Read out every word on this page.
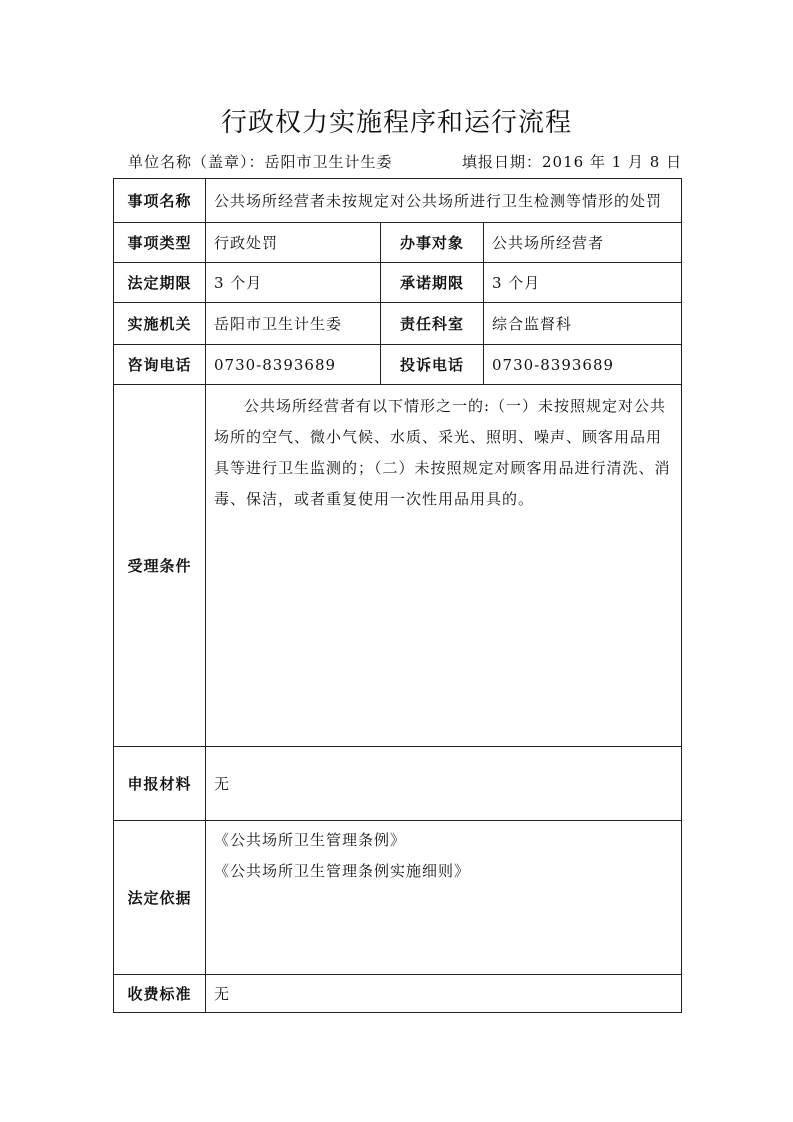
行政权力实施程序和运行流程
单位名称（盖章）：岳阳市卫生计生委	填报日期：2016 年 1 月 8 日
事项名称	公共场所经营者未按规定对公共场所进行卫生检测等情形的处罚		
事项类型	行政处罚	办事对象	公共场所经营者
法定期限	3 个月	承诺期限	3 个月
实施机关	岳阳市卫生计生委	责任科室	综合监督科
咨询电话	0730-8393689	投诉电话	0730-8393689
受理条件	公共场所经营者有以下情形之一的:（一）未按照规定对公共场所的空气、微小气候、水质、采光、照明、噪声、顾客用品用具等进行卫生监测的；（二）未按照规定对顾客用品进行清洗、消毒、保洁，或者重复使用一次性用品用具的。		
申报材料	无		
法定依据	《公共场所卫生管理条例》
《公共场所卫生管理条例实施细则》		

收费标准	无		
